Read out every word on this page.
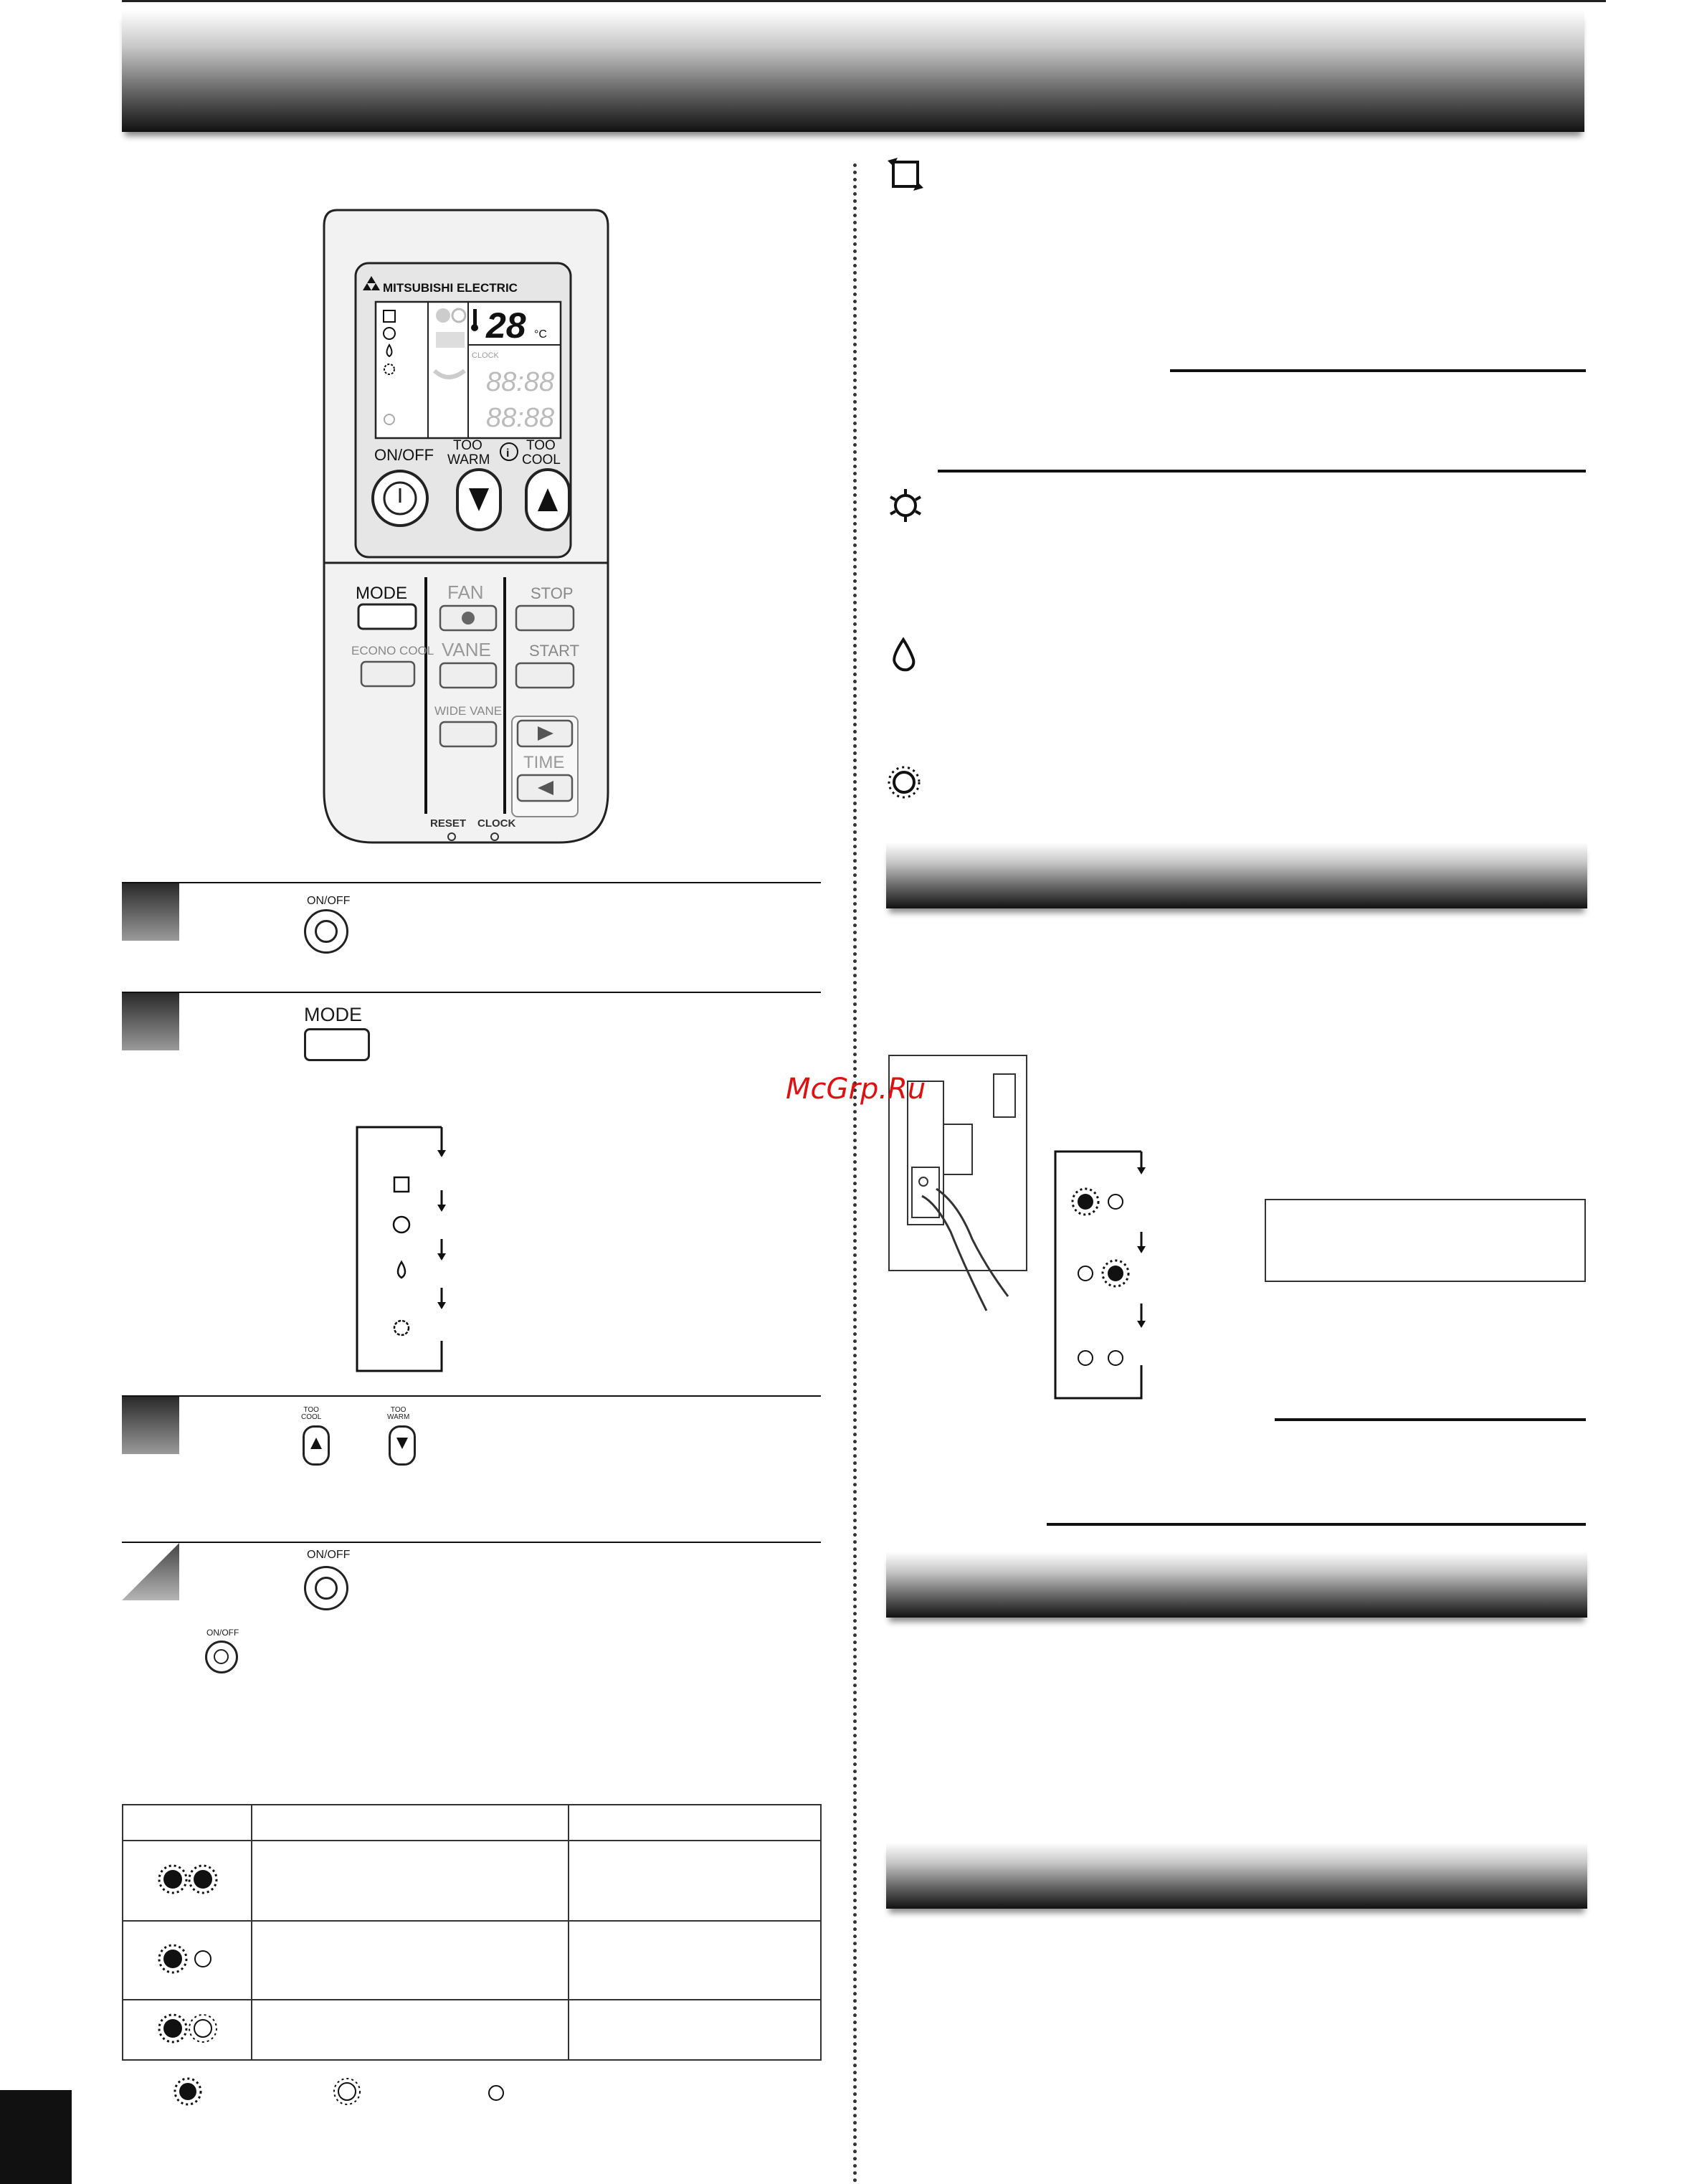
MITSUBISHI ELECTRIC
28 °C
CLOCK
88:88
88:88
ON/OFF
TOO
WARM i
TOO
COOL
MODE
ECONO COOL
FAN
VANE
WIDE VANE
STOP
START
TIME
RESET CLOCK
ON/OFF
MODE
TOO
COOL
TOO
WARM
ON/OFF
ON/OFF

McGrp.Ru
